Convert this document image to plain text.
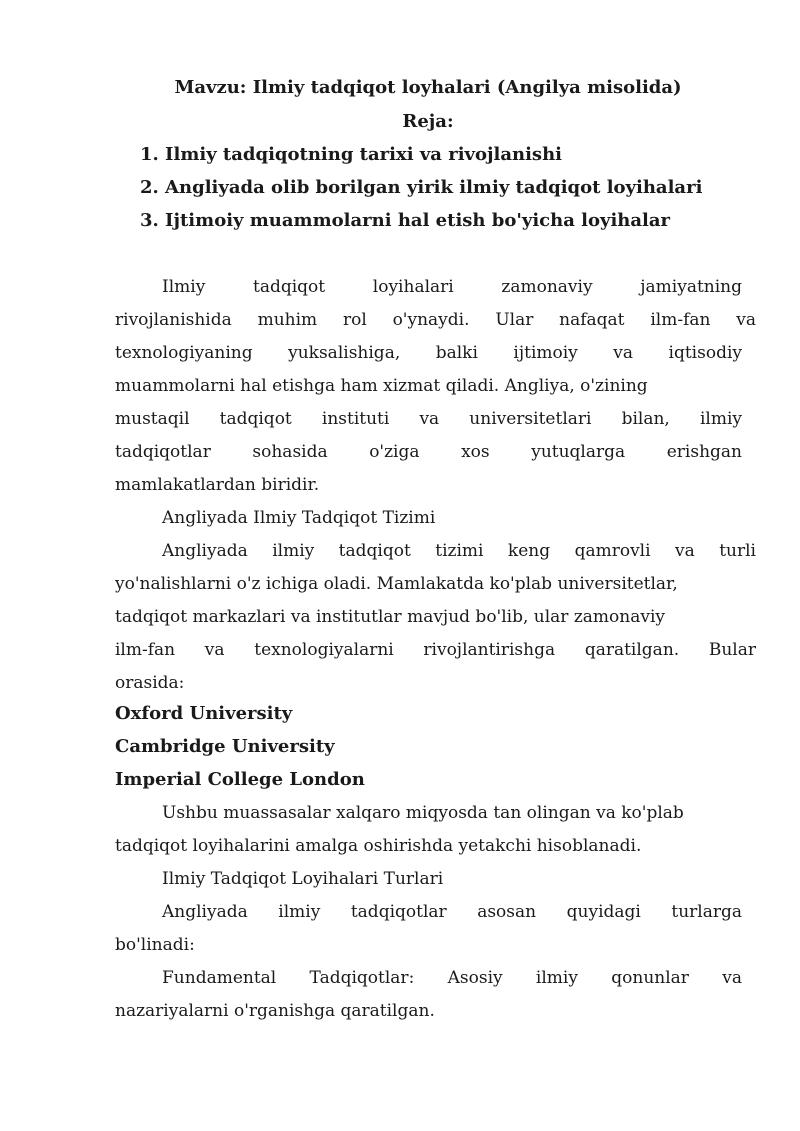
Mavzu: Ilmiy tadqiqot loyhalari (Angilya misolida)
Reja:
1. Ilmiy tadqiqotning tarixi va rivojlanishi
2. Angliyada olib borilgan yirik ilmiy tadqiqot loyihalari
3. Ijtimoiy muammolarni hal etish bo'yicha loyihalar
Ilmiy tadqiqot loyihalari zamonaviy jamiyatning
rivojlanishida muhim rol o'ynaydi. Ular nafaqat ilm-fan va
texnologiyaning yuksalishiga, balki ijtimoiy va iqtisodiy
muammolarni hal etishga ham xizmat qiladi. Angliya, o'zining
mustaqil tadqiqot instituti va universitetlari bilan, ilmiy
tadqiqotlar sohasida o'ziga xos yutuqlarga erishgan
mamlakatlardan biridir.
Angliyada Ilmiy Tadqiqot Tizimi
Angliyada ilmiy tadqiqot tizimi keng qamrovli va turli
yo'nalishlarni o'z ichiga oladi. Mamlakatda ko'plab universitetlar,
tadqiqot markazlari va institutlar mavjud bo'lib, ular zamonaviy
ilm-fan va texnologiyalarni rivojlantirishga qaratilgan. Bular
orasida:
Oxford University
Cambridge University
Imperial College London
Ushbu muassasalar xalqaro miqyosda tan olingan va ko'plab
tadqiqot loyihalarini amalga oshirishda yetakchi hisoblanadi.
Ilmiy Tadqiqot Loyihalari Turlari
Angliyada ilmiy tadqiqotlar asosan quyidagi turlarga
bo'linadi:
Fundamental Tadqiqotlar: Asosiy ilmiy qonunlar va
nazariyalarni o'rganishga qaratilgan.
